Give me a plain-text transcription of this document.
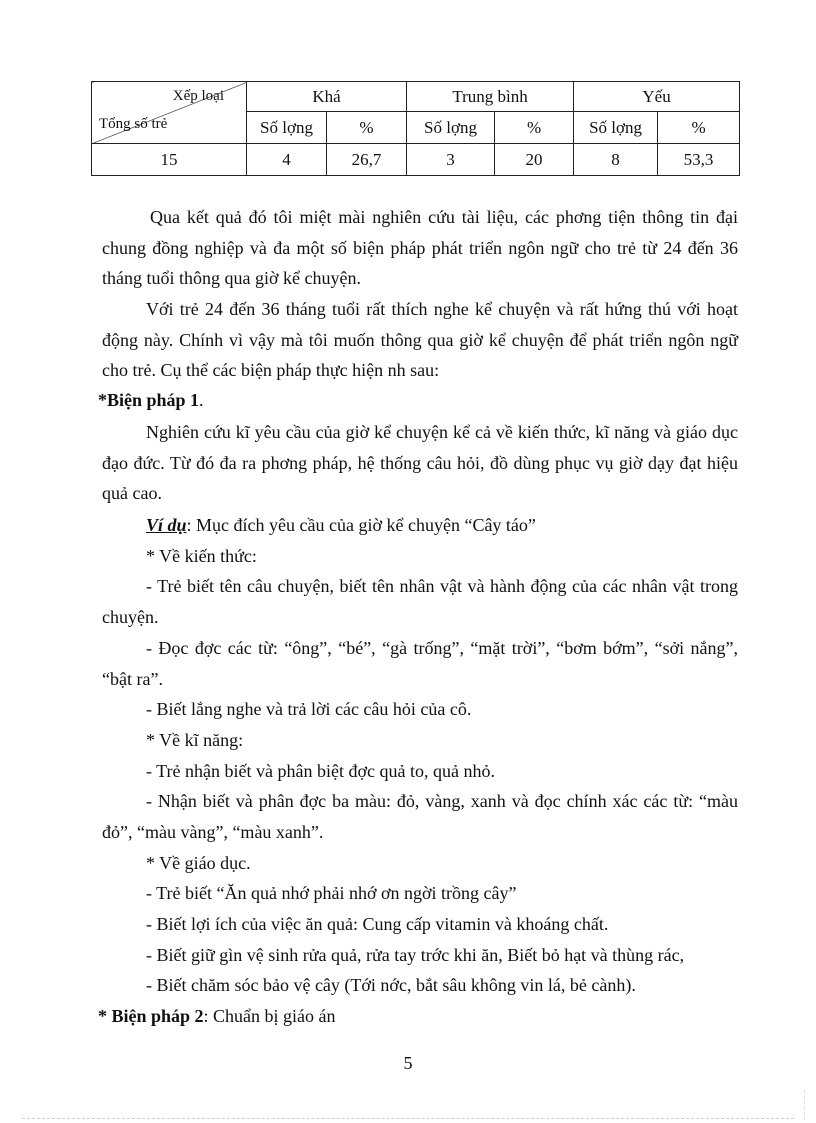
Xếp loại
Tổng số trẻ	Khá		Trung bình		Yếu	
	Số lợng	%	Số lợng	%	Số lợng	%
15	4	26,7	3	20	8	53,3

Qua kết quả đó tôi miệt mài nghiên cứu tài liệu, các phơng tiện thông tin đại chung đồng nghiệp và đa một số biện pháp phát triển ngôn ngữ cho trẻ từ 24 đến 36 tháng tuổi thông qua giờ kể chuyện.

Với trẻ 24 đến 36 tháng tuổi rất thích nghe kể chuyện và rất hứng thú với hoạt động này. Chính vì vậy mà tôi muốn thông qua giờ kể chuyện để phát triển ngôn ngữ cho trẻ. Cụ thể các biện pháp thực hiện nh sau:

*Biện pháp 1.

Nghiên cứu kĩ yêu cầu của giờ kể chuyện kể cả về kiến thức, kĩ năng và giáo dục đạo đức. Từ đó đa ra phơng pháp, hệ thống câu hỏi, đồ dùng phục vụ giờ dạy đạt hiệu quả cao.

Ví dụ: Mục đích yêu cầu của giờ kể chuyện “Cây táo”
* Về kiến thức:

- Trẻ biết tên câu chuyện, biết tên nhân vật và hành động của các nhân vật trong chuyện.

- Đọc đợc các từ: “ông”, “bé”, “gà trống”, “mặt trời”, “bơm bớm”, “sởi nắng”, “bật ra”.

- Biết lắng nghe và trả lời các câu hỏi của cô.
* Về kĩ năng:
- Trẻ nhận biết và phân biệt đợc quả to, quả nhỏ.

- Nhận biết và phân đợc ba màu: đỏ, vàng, xanh và đọc chính xác các từ: “màu đỏ”, “màu vàng”, “màu xanh”.

* Về giáo dục.
- Trẻ biết “Ăn quả nhớ phải nhớ ơn ngời trồng cây”
- Biết lợi ích của việc ăn quả: Cung cấp vitamin và khoáng chất.
- Biết giữ gìn vệ sinh rửa quả, rửa tay trớc khi ăn, Biết bỏ hạt và thùng rác,
- Biết chăm sóc bảo vệ cây (Tới nớc, bắt sâu không vin lá, bẻ cành).
* Biện pháp 2: Chuẩn bị giáo án
5
